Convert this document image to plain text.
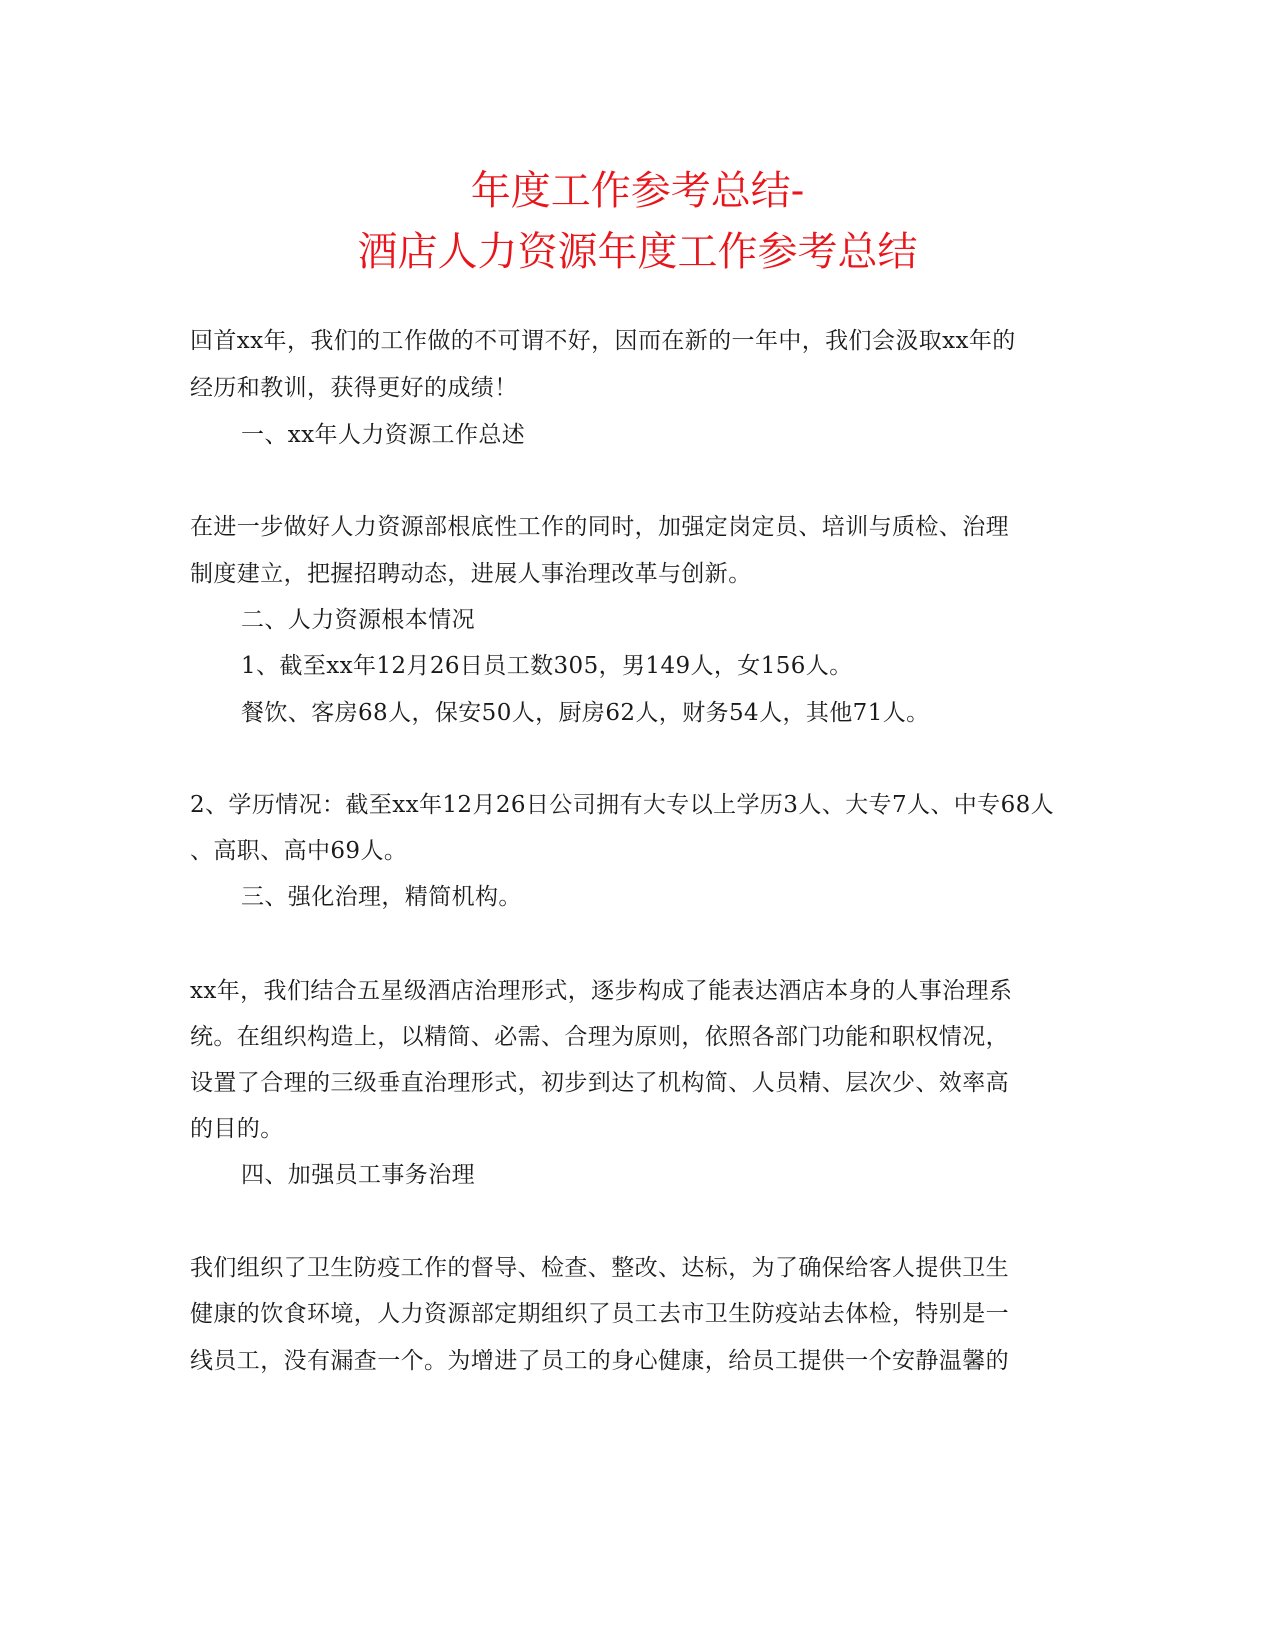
年度工作参考总结-
酒店人力资源年度工作参考总结
回首xx年，我们的工作做的不可谓不好，因而在新的一年中，我们会汲取xx年的
经历和教训，获得更好的成绩！
一、xx年人力资源工作总述
在进一步做好人力资源部根底性工作的同时，加强定岗定员、培训与质检、治理
制度建立，把握招聘动态，进展人事治理改革与创新。
二、人力资源根本情况
1、截至xx年12月26日员工数305，男149人，女156人。
餐饮、客房68人，保安50人，厨房62人，财务54人，其他71人。
2、学历情况：截至xx年12月26日公司拥有大专以上学历3人、大专7人、中专68人
、高职、高中69人。
三、强化治理，精简机构。
xx年，我们结合五星级酒店治理形式，逐步构成了能表达酒店本身的人事治理系
统。在组织构造上，以精简、必需、合理为原则，依照各部门功能和职权情况，
设置了合理的三级垂直治理形式，初步到达了机构简、人员精、层次少、效率高
的目的。
四、加强员工事务治理
我们组织了卫生防疫工作的督导、检查、整改、达标，为了确保给客人提供卫生
健康的饮食环境，人力资源部定期组织了员工去市卫生防疫站去体检，特别是一
线员工，没有漏查一个。为增进了员工的身心健康，给员工提供一个安静温馨的
